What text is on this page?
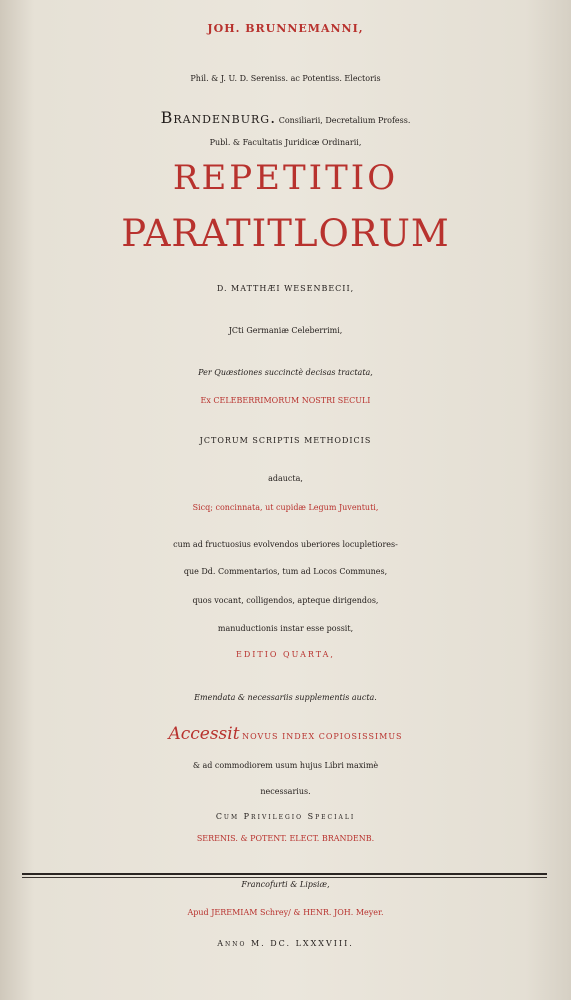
JOH. BRUNNEMANNI,
Phil. & J. U. D. Sereniss. ac Potentiss. Electoris
Brandenburg. Consiliarii, Decretalium Profess.
Publ. & Facultatis Juridicæ Ordinarii,
REPETITIO
PARATITLORUM
D. MATTHÆI WESENBECII,
JCti Germaniæ Celeberrimi,
Per Quæstiones succinctè decisas tractata,
Ex CELEBERRIMORUM NOSTRI SECULI
JCTORUM SCRIPTIS METHODICIS
adaucta,
Sicq; concinnata, ut cupidæ Legum Juventuti,
cum ad fructuosius evolvendos uberiores locupletiores-
que Dd. Commentarios, tum ad Locos Communes,
quos vocant, colligendos, apteque dirigendos,
manuductionis instar esse possit,
EDITIO QUARTA,
Emendata & necessariis supplementis aucta.
Accessit NOVUS INDEX COPIOSISSIMUS
& ad commodiorem usum hujus Libri maximè
necessarius.
Cum Privilegio Speciali
SERENIS. & POTENT. ELECT. BRANDENB.
Francofurti & Lipsiæ,
Apud JEREMIAM Schrey/ & HENR. JOH. Meyer.
Anno M. DC. LXXXVIII.
